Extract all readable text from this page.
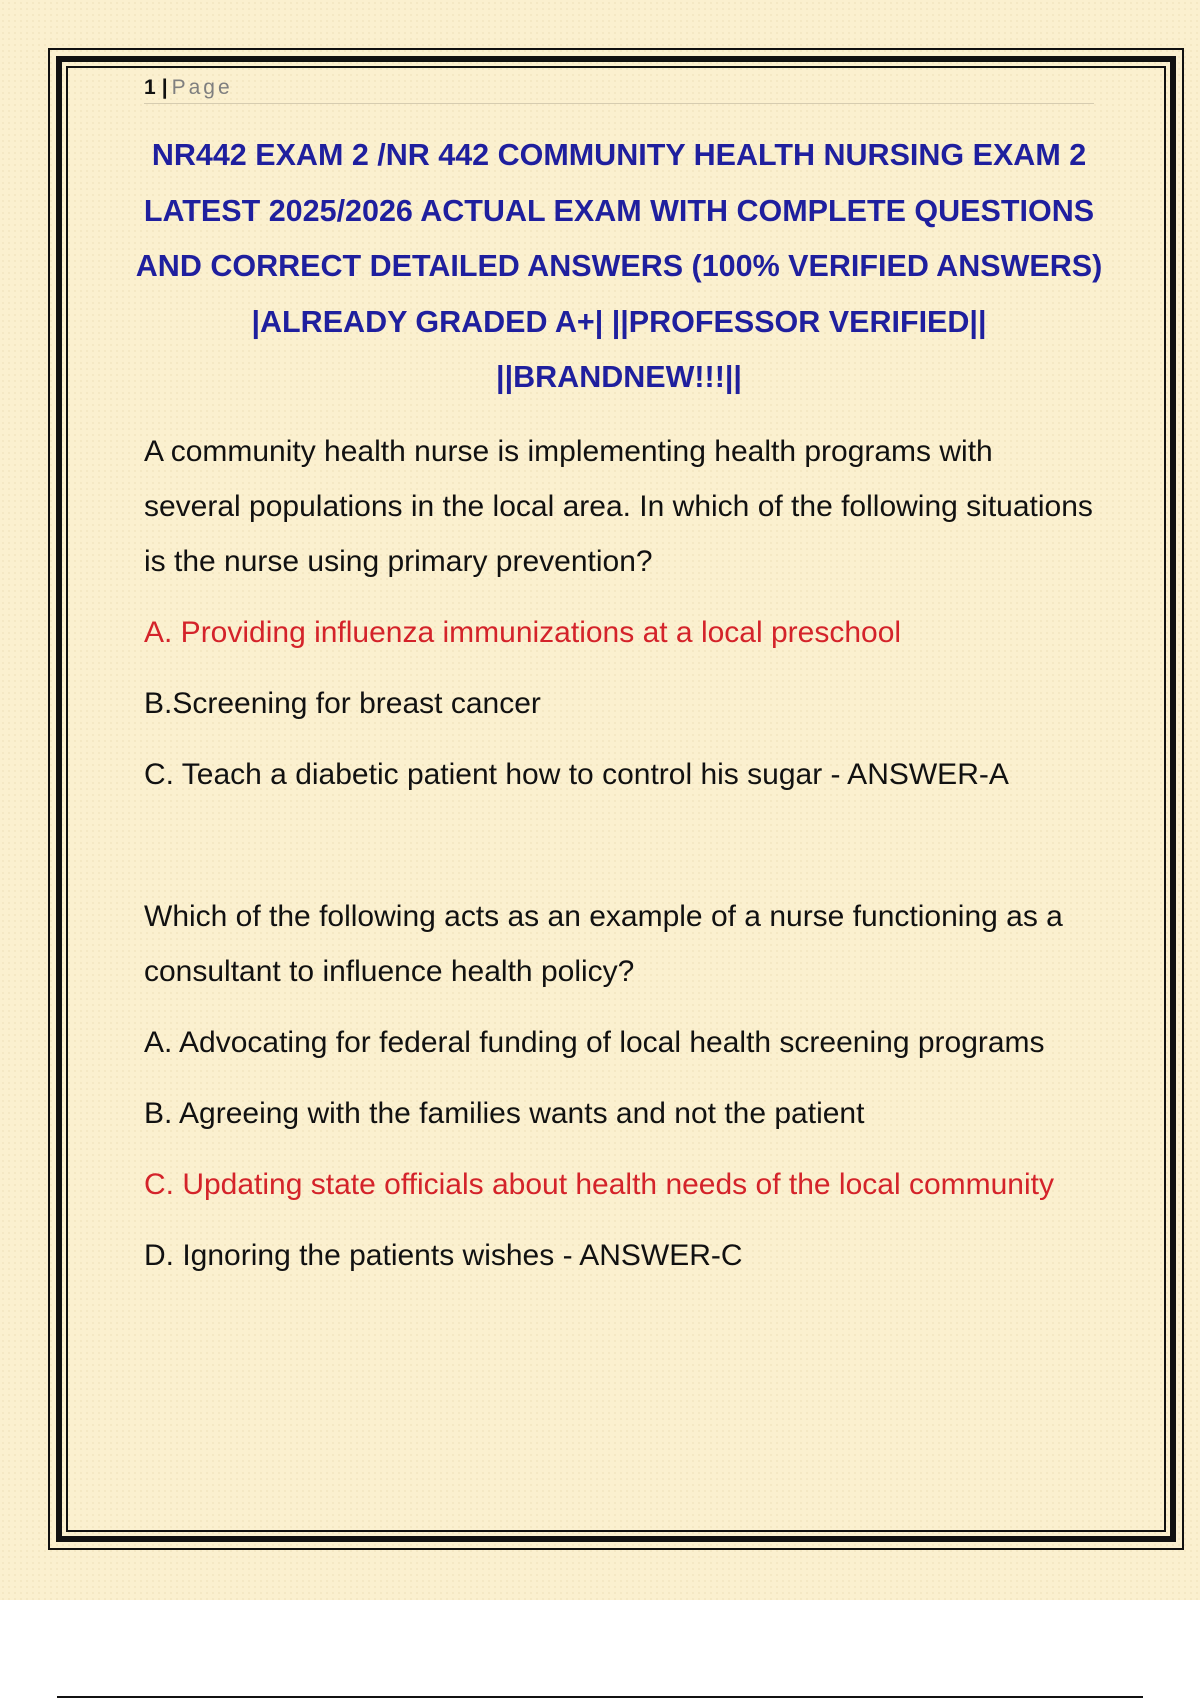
1 | Page
NR442 EXAM 2 /NR 442 COMMUNITY HEALTH NURSING EXAM 2 LATEST 2025/2026 ACTUAL EXAM WITH COMPLETE QUESTIONS AND CORRECT DETAILED ANSWERS (100% VERIFIED ANSWERS) |ALREADY GRADED A+| ||PROFESSOR VERIFIED|| ||BRANDNEW!!!||

A community health nurse is implementing health programs with several populations in the local area. In which of the following situations is the nurse using primary prevention?

A. Providing influenza immunizations at a local preschool

B.Screening for breast cancer

C. Teach a diabetic patient how to control his sugar - ANSWER-A

Which of the following acts as an example of a nurse functioning as a consultant to influence health policy?

A. Advocating for federal funding of local health screening programs

B. Agreeing with the families wants and not the patient

C. Updating state officials about health needs of the local community

D. Ignoring the patients wishes - ANSWER-C
